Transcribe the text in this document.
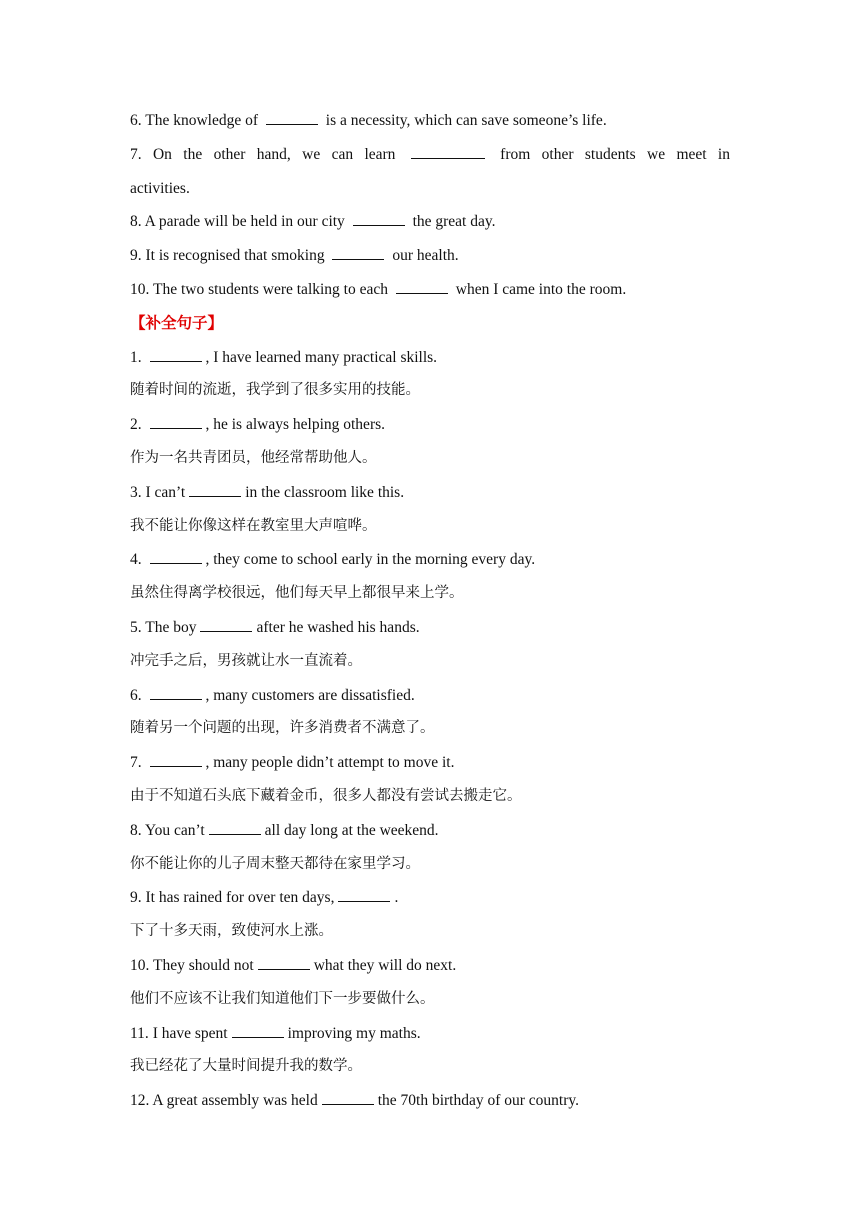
6. The knowledge of	is a necessity, which can save someone’s life.
7. On the other hand, we can learn	from other students we meet in
activities.
8. A parade will be held in our city	the great day.
9. It is recognised that smoking	our health.
10. The two students were talking to each	when I came into the room.
【补全句子】
1.	, I have learned many practical skills.
随着时间的流逝，我学到了很多实用的技能。
2.	, he is always helping others.
作为一名共青团员，他经常帮助他人。
3. I can’t	in the classroom like this.
我不能让你像这样在教室里大声喧哗。
4.	, they come to school early in the morning every day.
虽然住得离学校很远，他们每天早上都很早来上学。
5. The boy	after he washed his hands.
冲完手之后，男孩就让水一直流着。
6.	, many customers are dissatisfied.
随着另一个问题的出现，许多消费者不满意了。
7.	, many people didn’t attempt to move it.
由于不知道石头底下藏着金币，很多人都没有尝试去搬走它。
8. You can’t	all day long at the weekend.
你不能让你的儿子周末整天都待在家里学习。
9. It has rained for over ten days,	.
下了十多天雨，致使河水上涨。
10. They should not	what they will do next.
他们不应该不让我们知道他们下一步要做什么。
11. I have spent	improving my maths.
我已经花了大量时间提升我的数学。
12. A great assembly was held	the 70th birthday of our country.
